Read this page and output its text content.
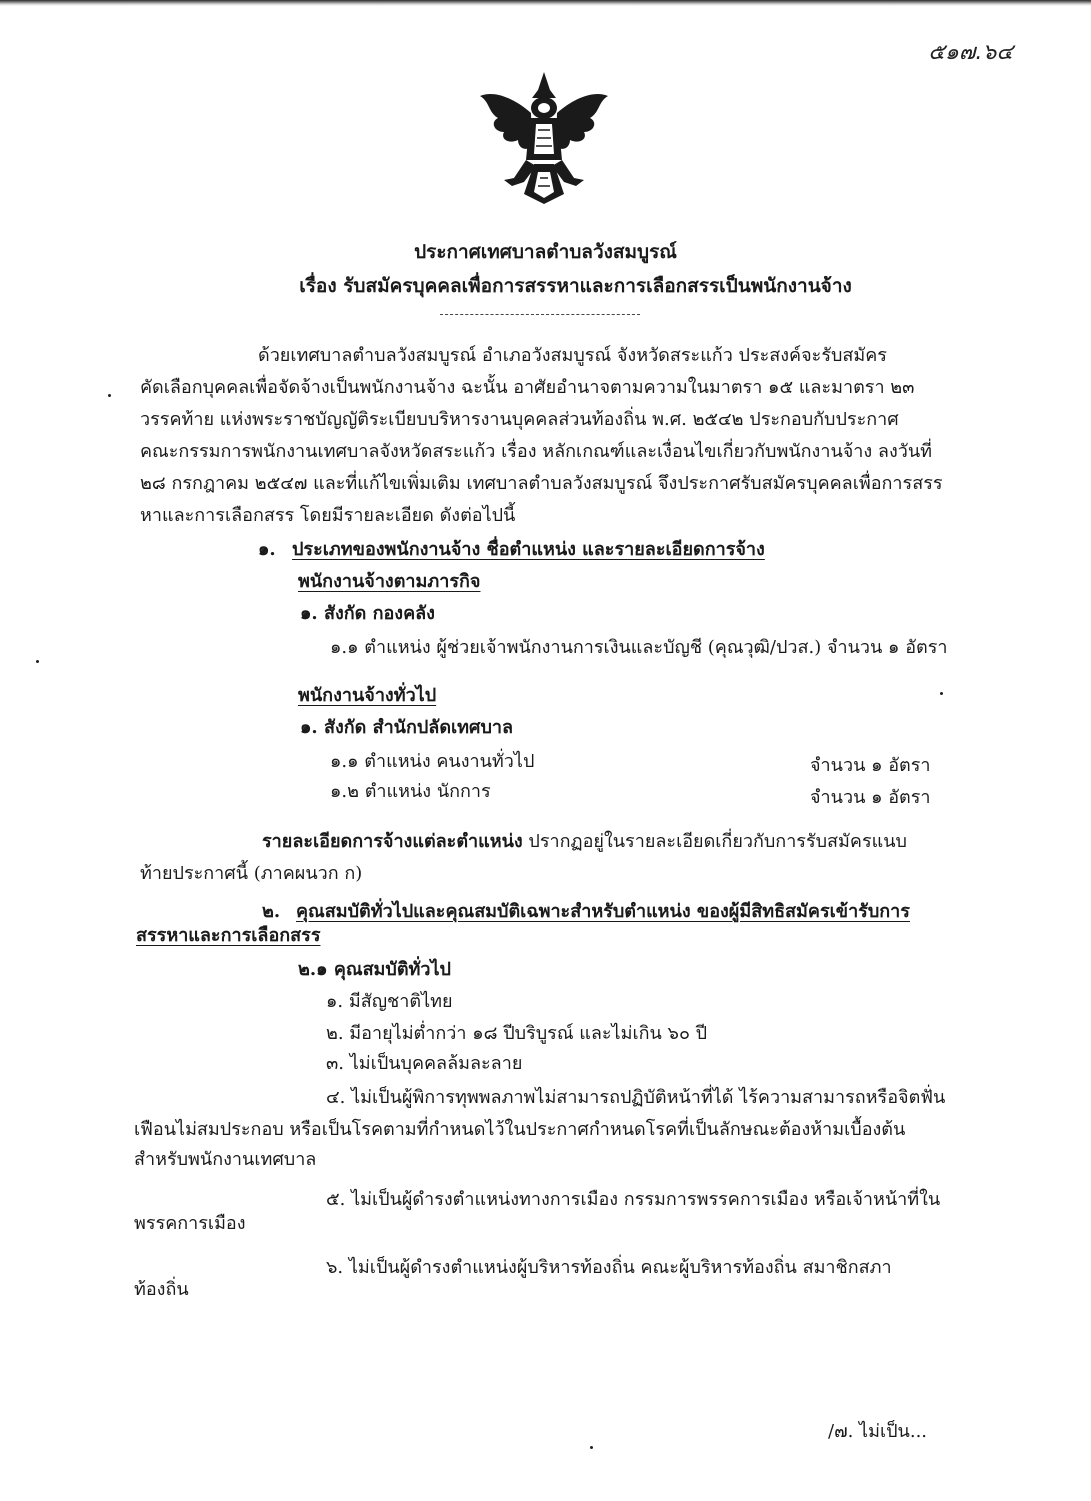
๕๑๗.๖๔
ประกาศเทศบาลตำบลวังสมบูรณ์
เรื่อง รับสมัครบุคคลเพื่อการสรรหาและการเลือกสรรเป็นพนักงานจ้าง
ด้วยเทศบาลตำบลวังสมบูรณ์ อำเภอวังสมบูรณ์ จังหวัดสระแก้ว ประสงค์จะรับสมัคร
คัดเลือกบุคคลเพื่อจัดจ้างเป็นพนักงานจ้าง ฉะนั้น อาศัยอำนาจตามความในมาตรา ๑๕ และมาตรา ๒๓
วรรคท้าย แห่งพระราชบัญญัติระเบียบบริหารงานบุคคลส่วนท้องถิ่น พ.ศ. ๒๕๔๒ ประกอบกับประกาศ
คณะกรรมการพนักงานเทศบาลจังหวัดสระแก้ว เรื่อง หลักเกณฑ์และเงื่อนไขเกี่ยวกับพนักงานจ้าง ลงวันที่
๒๘ กรกฎาคม ๒๕๔๗ และที่แก้ไขเพิ่มเติม เทศบาลตำบลวังสมบูรณ์ จึงประกาศรับสมัครบุคคลเพื่อการสรร
หาและการเลือกสรร โดยมีรายละเอียด ดังต่อไปนี้
๑. ประเภทของพนักงานจ้าง ชื่อตำแหน่ง และรายละเอียดการจ้าง
พนักงานจ้างตามภารกิจ
๑. สังกัด กองคลัง
๑.๑ ตำแหน่ง ผู้ช่วยเจ้าพนักงานการเงินและบัญชี (คุณวุฒิ/ปวส.) จำนวน ๑ อัตรา
พนักงานจ้างทั่วไป
๑. สังกัด สำนักปลัดเทศบาล
๑.๑ ตำแหน่ง คนงานทั่วไป	จำนวน ๑ อัตรา
๑.๒ ตำแหน่ง นักการ	จำนวน ๑ อัตรา
รายละเอียดการจ้างแต่ละตำแหน่ง ปรากฏอยู่ในรายละเอียดเกี่ยวกับการรับสมัครแนบ
ท้ายประกาศนี้ (ภาคผนวก ก)
๒. คุณสมบัติทั่วไปและคุณสมบัติเฉพาะสำหรับตำแหน่ง ของผู้มีสิทธิสมัครเข้ารับการ
สรรหาและการเลือกสรร
๒.๑ คุณสมบัติทั่วไป
๑. มีสัญชาติไทย
๒. มีอายุไม่ต่ำกว่า ๑๘ ปีบริบูรณ์ และไม่เกิน ๖๐ ปี
๓. ไม่เป็นบุคคลล้มละลาย
๔. ไม่เป็นผู้พิการทุพพลภาพไม่สามารถปฏิบัติหน้าที่ได้ ไร้ความสามารถหรือจิตฟั่น
เฟือนไม่สมประกอบ หรือเป็นโรคตามที่กำหนดไว้ในประกาศกำหนดโรคที่เป็นลักษณะต้องห้ามเบื้องต้น
สำหรับพนักงานเทศบาล
๕. ไม่เป็นผู้ดำรงตำแหน่งทางการเมือง กรรมการพรรคการเมือง หรือเจ้าหน้าที่ใน
พรรคการเมือง
๖. ไม่เป็นผู้ดำรงตำแหน่งผู้บริหารท้องถิ่น คณะผู้บริหารท้องถิ่น สมาชิกสภา
ท้องถิ่น
/๗. ไม่เป็น...
